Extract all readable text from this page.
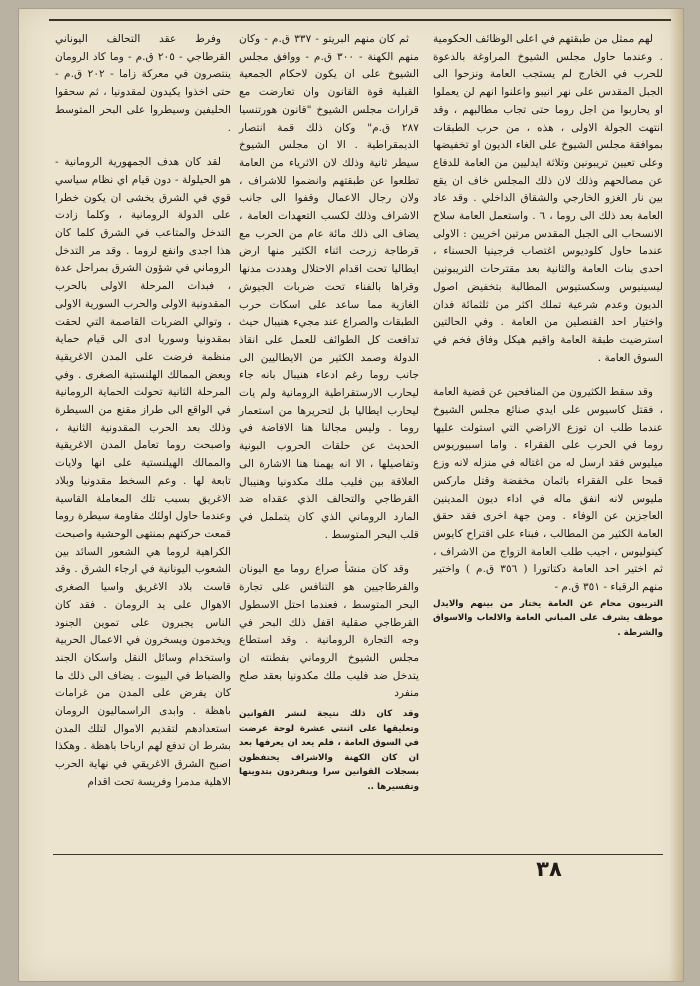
لهم ممثل من طبقتهم في اعلى الوظائف الحكومية . وعندما حاول مجلس الشيوخ المراوغة بالدعوة للحرب في الخارج لم يستجب العامة ونزحوا الى الجبل المقدس على نهر انيبو واعلنوا انهم لن يعملوا او يحاربوا من اجل روما حتى تجاب مطالبهم ، وقد انتهت الجولة الاولى ، هذه ، من حرب الطبقات بموافقة مجلس الشيوخ على الغاء الديون او تخفيضها وعلى تعيين تريبونين وتلاثة ايدليين من العامة للدفاع عن مصالحهم وذلك لان ذلك المجلس خاف ان يقع بين نار الغزو الخارجي والشقاق الداخلي . وقد عاد العامة بعد ذلك الى روما ، ٦ . واستعمل العامة سلاح الانسحاب الى الجبل المقدس مرتين اخريين : الاولى عندما حاول كلوديوس اغتصاب فرجينيا الحسناء ، احدى بنات العامة والثانية بعد مقترحات التريبونين ليسينيوس وسكستيوس المطالبة بتخفيض اصول الديون وعدم شرعية تملك اكثر من ثلثمائة فدان واختيار احد القنصلين من العامة . وفي الحالتين استرضيت طبقة العامة واقيم هيكل وفاق فخم في السوق العامة .

وقد سقط الكثيرون من المنافحين عن قضية العامة ، فقتل كاسيوس على ايدي صنائع مجلس الشيوخ عندما طلب ان توزع الاراضي التي استولت عليها روما في الحرب على الفقراء . واما اسبيوريوس ميليوس فقد ارسل له من اغتاله في منزله لانه وزع قمحا على الفقراء باثمان مخفضة وقتل ماركس مليوس لانه انفق ماله في اداء ديون المدينين العاجزين عن الوفاء . ومن جهة اخرى فقد حقق العامة الكثير من المطالب ، فبناء على اقتراح كايوس كينوليوس ، اجيب طلب العامة الزواج من الاشراف ، ثم اختير احد العامة دكتاتورا ( ٣٥٦ ق.م ) واختير منهم الرقباء - ٣٥١ ق.م -

التريبون محام عن العامة يختار من بينهم والايدل موظف يشرف على المباني العامة والالعاب والاسواق والشرطة .

ثم كان منهم البريتو - ٣٣٧ ق.م - وكان منهم الكهنة - ٣٠٠ ق.م - ووافق مجلس الشيوخ على ان يكون لاحكام الجمعية القبلية قوة القانون وان تعارضت مع قرارات مجلس الشيوخ "قانون هورتنسيا ٢٨٧ ق.م" وكان ذلك قمة انتصار الديمقراطية . الا ان مجلس الشيوخ سيطر ثانية وذلك لان الاثرياء من العامة تطلعوا عن طبقتهم وانضموا للاشراف ، ولان رجال الاعمال وقفوا الى جانب الاشراف وذلك لكسب التعهدات العامة ، يضاف الى ذلك مائة عام من الحرب مع قرطاجة زرحت اثناء الكثير منها ارض ايطاليا تحت اقدام الاحتلال وهددت مدنها وقراها بالفناء تحت ضربات الجيوش الغازية مما ساعد على اسكات حرب الطبقات والصراع عند مجيء هنيبال حيث تدافعت كل الطوائف للعمل على انقاذ الدولة وصمد الكثير من الايطاليين الى جانب روما رغم ادعاء هنيبال بانه جاء ليحارب الارستقراطية الرومانية ولم يات ليحارب ايطاليا بل لتحريرها من استعمار روما . وليس مجالنا هنا الافاضة في الحديث عن حلقات الحروب البونية وتفاصيلها ، الا انه يهمنا هنا الاشارة الى العلاقة بين فليب ملك مكدونيا وهنيبال القرطاجي والتحالف الذي عقداه ضد المارد الروماني الذي كان يتململ في قلب البحر المتوسط .

وقد كان منشأ صراع روما مع اليونان والقرطاجيين هو التنافس على تجارة البحر المتوسط ، فعندما احتل الاسطول القرطاجي صقلية اقفل ذلك البحر في وجه التجارة الرومانية . وقد استطاع مجلس الشيوخ الروماني بفطنته ان يتدخل ضد فليب ملك مكدونيا بعقد صلح منفرد

وقد كان ذلك نتيجة لنشر القوانين وتعليقها على اثنتي عشرة لوحة عرضت في السوق العامة ، فلم يعد ان يعرفها بعد ان كان الكهنة والاشراف يحتفظون بسجلات القوانين سرا وينفردون بتدوينها وتفسيرها ..

وفرط عقد التحالف اليوناني القرطاجي - ٢٠٥ ق.م - وما كاد الرومان ينتصرون في معركة زاما - ٢٠٢ ق.م - حتى اخذوا يكيدون لمقدونيا ، ثم سحقوا الحليفين وسيطروا على البحر المتوسط .

لقد كان هدف الجمهورية الرومانية - هو الحيلولة - دون قيام اي نظام سياسي قوي في الشرق يخشى ان يكون خطرا على الدولة الرومانية ، وكلما زادت التدخل والمتاعب في الشرق كلما كان هذا اجدى وانفع لروما . وقد مر التدخل الروماني في شؤون الشرق بمراحل عدة ، فبدات المرحلة الاولى بالحرب المقدونية الاولى والحرب السورية الاولى ، وتوالي الضربات القاصمة التي لحقت بمقدونيا وسوريا ادى الى قيام حماية منظمة فرضت على المدن الاغريقية وبعض الممالك الهلنستية الصغرى . وفي المرحلة الثانية تحولت الحماية الرومانية في الواقع الى طراز مقنع من السيطرة وذلك بعد الحرب المقدونية الثانية ، واصبحت روما تعامل المدن الاغريقية والممالك الهيلنستية على انها ولايات تابعة لها . وعم السخط مقدونيا وبلاد الاغريق بسبب تلك المعاملة القاسية وعندما حاول اولئك مقاومة سيطرة روما قمعت حركتهم بمنتهى الوحشية واصبحت الكراهية لروما هي الشعور السائد بين الشعوب اليونانية في ارجاء الشرق . وقد قاست بلاد الاغريق واسيا الصغرى الاهوال على يد الرومان . فقد كان الناس يجبرون على تموين الجنود ويخدمون ويسخرون في الاعمال الحربية واستخدام وسائل النقل واسكان الجند والضباط في البيوت . يضاف الى ذلك ما كان يفرض على المدن من غرامات باهظة . وابدى الراسماليون الرومان استعدادهم لتقديم الاموال لتلك المدن بشرط ان تدفع لهم ارباحا باهظة . وهكذا اصبح الشرق الاغريقي في نهاية الحرب الاهلية مدمرا وفريسة تحت اقدام

٣٨
